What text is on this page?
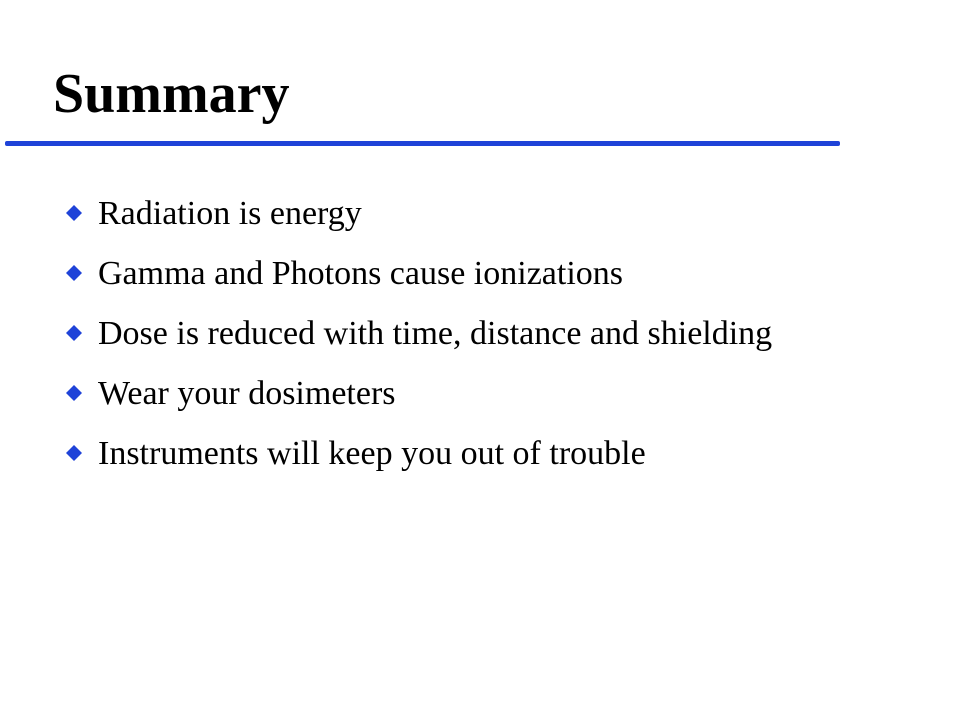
Summary
Radiation is energy
Gamma and Photons cause ionizations
Dose is reduced with time, distance and shielding
Wear your dosimeters
Instruments will keep you out of trouble
